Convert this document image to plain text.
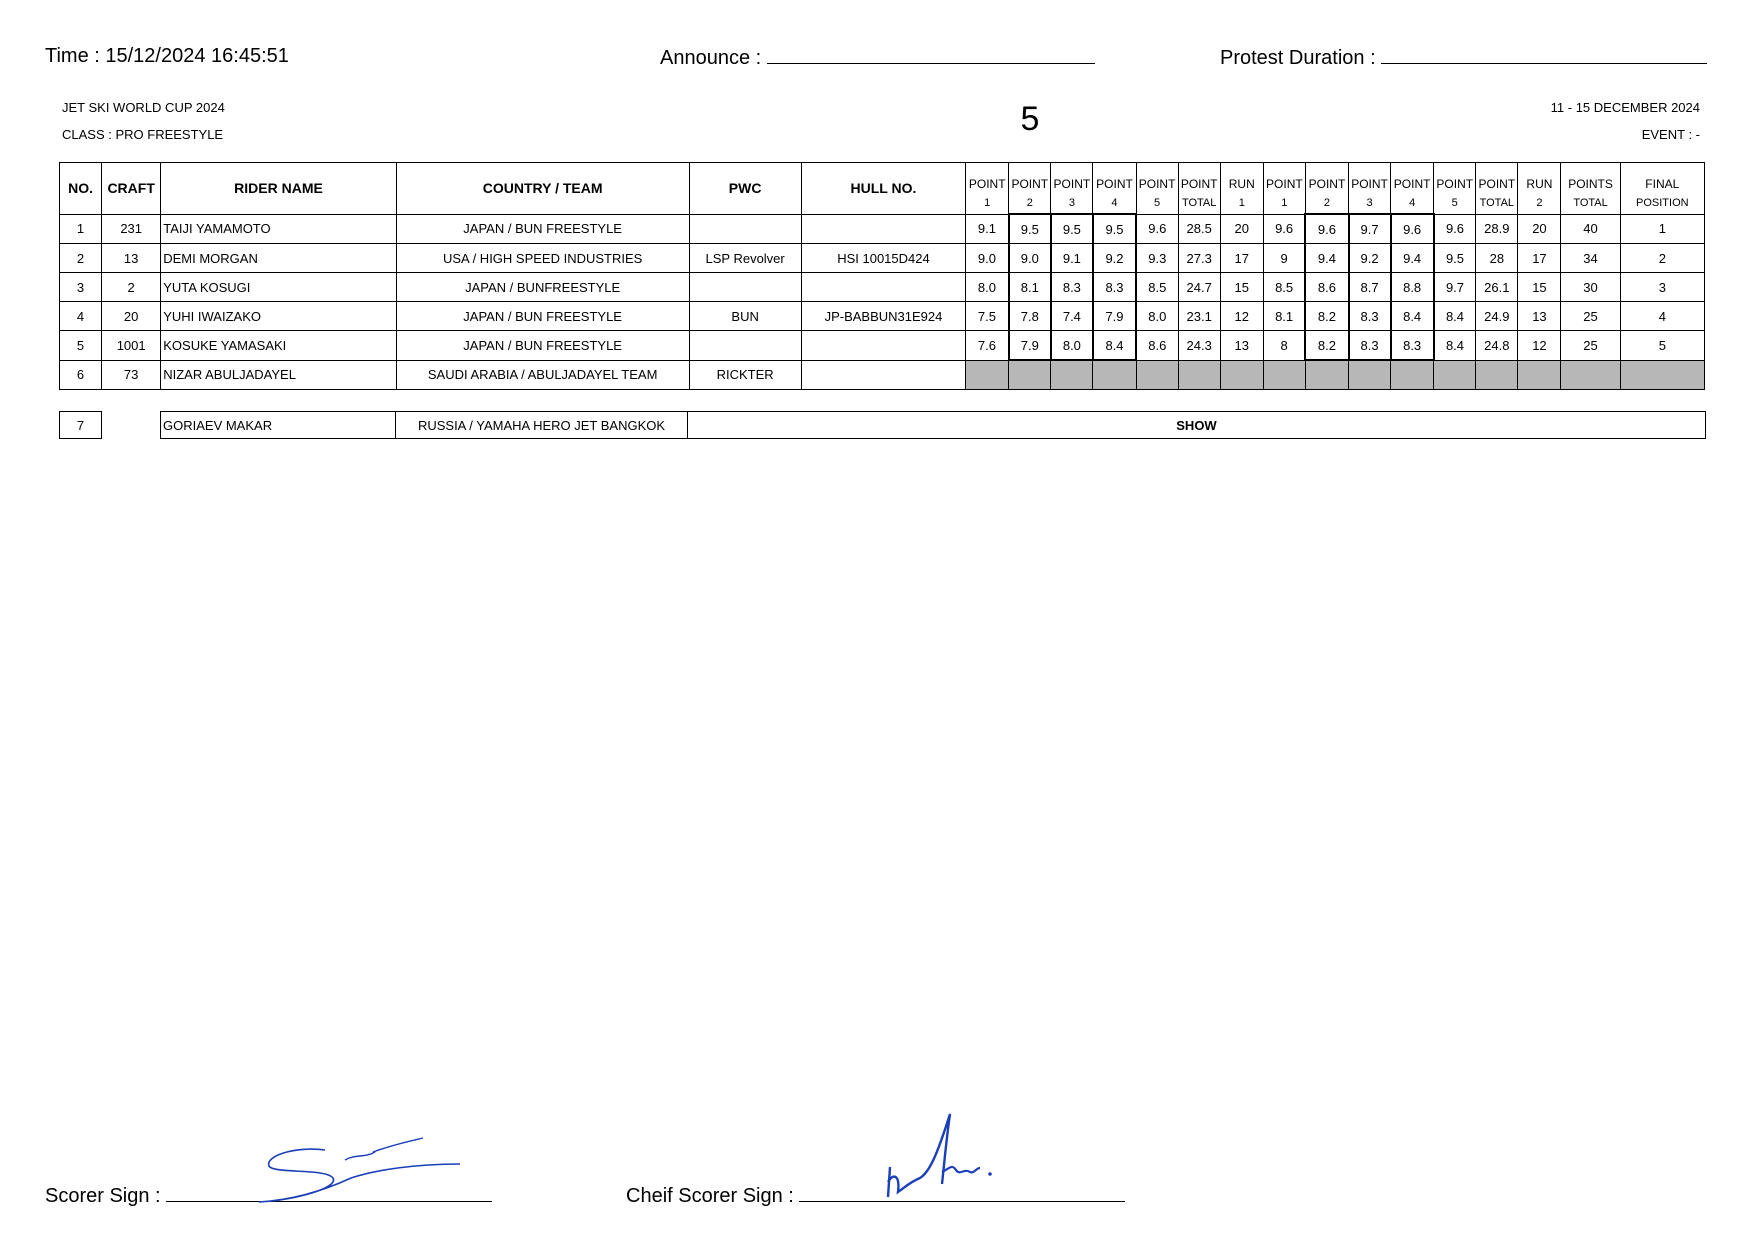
Time : 15/12/2024 16:45:51	Announce :	Protest Duration :
JET SKI WORLD CUP 2024
CLASS : PRO FREESTYLE	5	11 - 15 DECEMBER 2024
EVENT : -
NO.	CRAFT	RIDER NAME	COUNTRY / TEAM	PWC	HULL NO.	POINT	POINT	POINT	POINT	POINT	POINT	RUN	POINT	POINT	POINT	POINT	POINT	POINT	RUN	POINTS	FINAL
						1	2	3	4	5	TOTAL	1	1	2	3	4	5	TOTAL	2	TOTAL	POSITION
1	231	TAIJI YAMAMOTO	JAPAN / BUN FREESTYLE			9.1	9.5	9.5	9.5	9.6	28.5	20	9.6	9.6	9.7	9.6	9.6	28.9	20	40	1
2	13	DEMI MORGAN	USA / HIGH SPEED INDUSTRIES	LSP Revolver	HSI 10015D424	9.0	9.0	9.1	9.2	9.3	27.3	17	9	9.4	9.2	9.4	9.5	28	17	34	2
3	2	YUTA KOSUGI	JAPAN / BUNFREESTYLE			8.0	8.1	8.3	8.3	8.5	24.7	15	8.5	8.6	8.7	8.8	9.7	26.1	15	30	3
4	20	YUHI IWAIZAKO	JAPAN / BUN FREESTYLE	BUN	JP-BABBUN31E924	7.5	7.8	7.4	7.9	8.0	23.1	12	8.1	8.2	8.3	8.4	8.4	24.9	13	25	4
5	1001	KOSUKE YAMASAKI	JAPAN / BUN FREESTYLE			7.6	7.9	8.0	8.4	8.6	24.3	13	8	8.2	8.3	8.3	8.4	24.8	12	25	5
6	73	NIZAR ABULJADAYEL	SAUDI ARABIA / ABULJADAYEL TEAM	RICKTER																	
7		GORIAEV MAKAR	RUSSIA / YAMAHA HERO JET BANGKOK	SHOW
Scorer Sign :	Cheif Scorer Sign :
